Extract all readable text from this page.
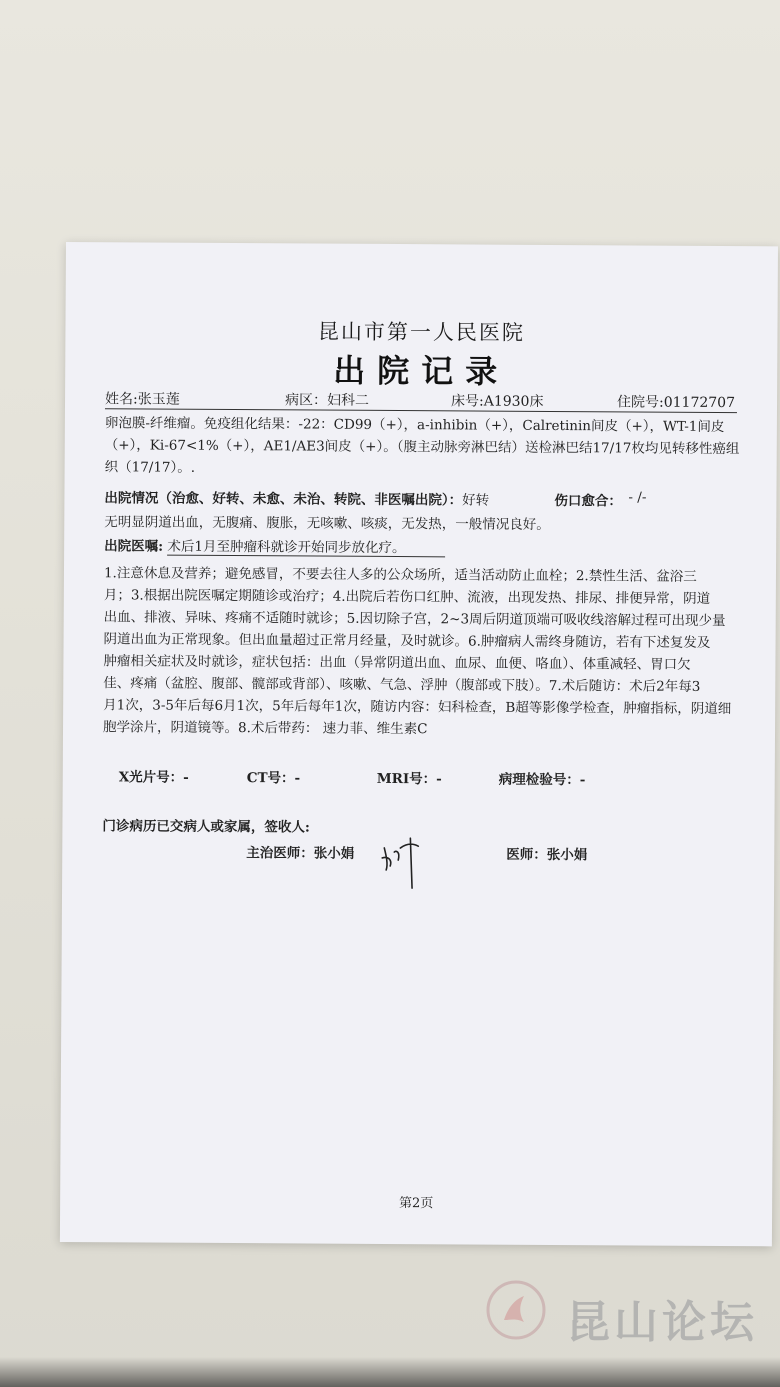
昆山市第一人民医院
出院记录
姓名:张玉莲	病区：妇科二	床号:A1930床	住院号:01172707
卵泡膜-纤维瘤。免疫组化结果：-22：CD99（+），a-inhibin（+），Calretinin间皮（+），WT-1间皮
（+），Ki-67<1%（+），AE1/AE3间皮（+）。（腹主动脉旁淋巴结）送检淋巴结17/17枚均见转移性癌组
织（17/17）。.
出院情况（治愈、好转、未愈、未治、转院、非医嘱出院）：好转	伤口愈合： - /-
无明显阴道出血，无腹痛、腹胀，无咳嗽、咳痰，无发热，一般情况良好。
出院医嘱: 术后1月至肿瘤科就诊开始同步放化疗。
1.注意休息及营养；避免感冒，不要去往人多的公众场所，适当活动防止血栓；2.禁性生活、盆浴三
月；3.根据出院医嘱定期随诊或治疗；4.出院后若伤口红肿、流液，出现发热、排尿、排便异常，阴道
出血、排液、异味、疼痛不适随时就诊；5.因切除子宫，2~3周后阴道顶端可吸收线溶解过程可出现少量
阴道出血为正常现象。但出血量超过正常月经量，及时就诊。6.肿瘤病人需终身随访，若有下述复发及
肿瘤相关症状及时就诊，症状包括：出血（异常阴道出血、血尿、血便、咯血）、体重减轻、胃口欠
佳、疼痛（盆腔、腹部、髋部或背部）、咳嗽、气急、浮肿（腹部或下肢）。7.术后随访：术后2年每3
月1次，3-5年后每6月1次，5年后每年1次，随访内容：妇科检查，B超等影像学检查，肿瘤指标，阴道细
胞学涂片，阴道镜等。8.术后带药： 速力菲、维生素C
X光片号：-	CT号：-	MRI号：-	病理检验号：-
门诊病历已交病人或家属，签收人:
主治医师：张小娟	医师：张小娟
第2页
昆山论坛
